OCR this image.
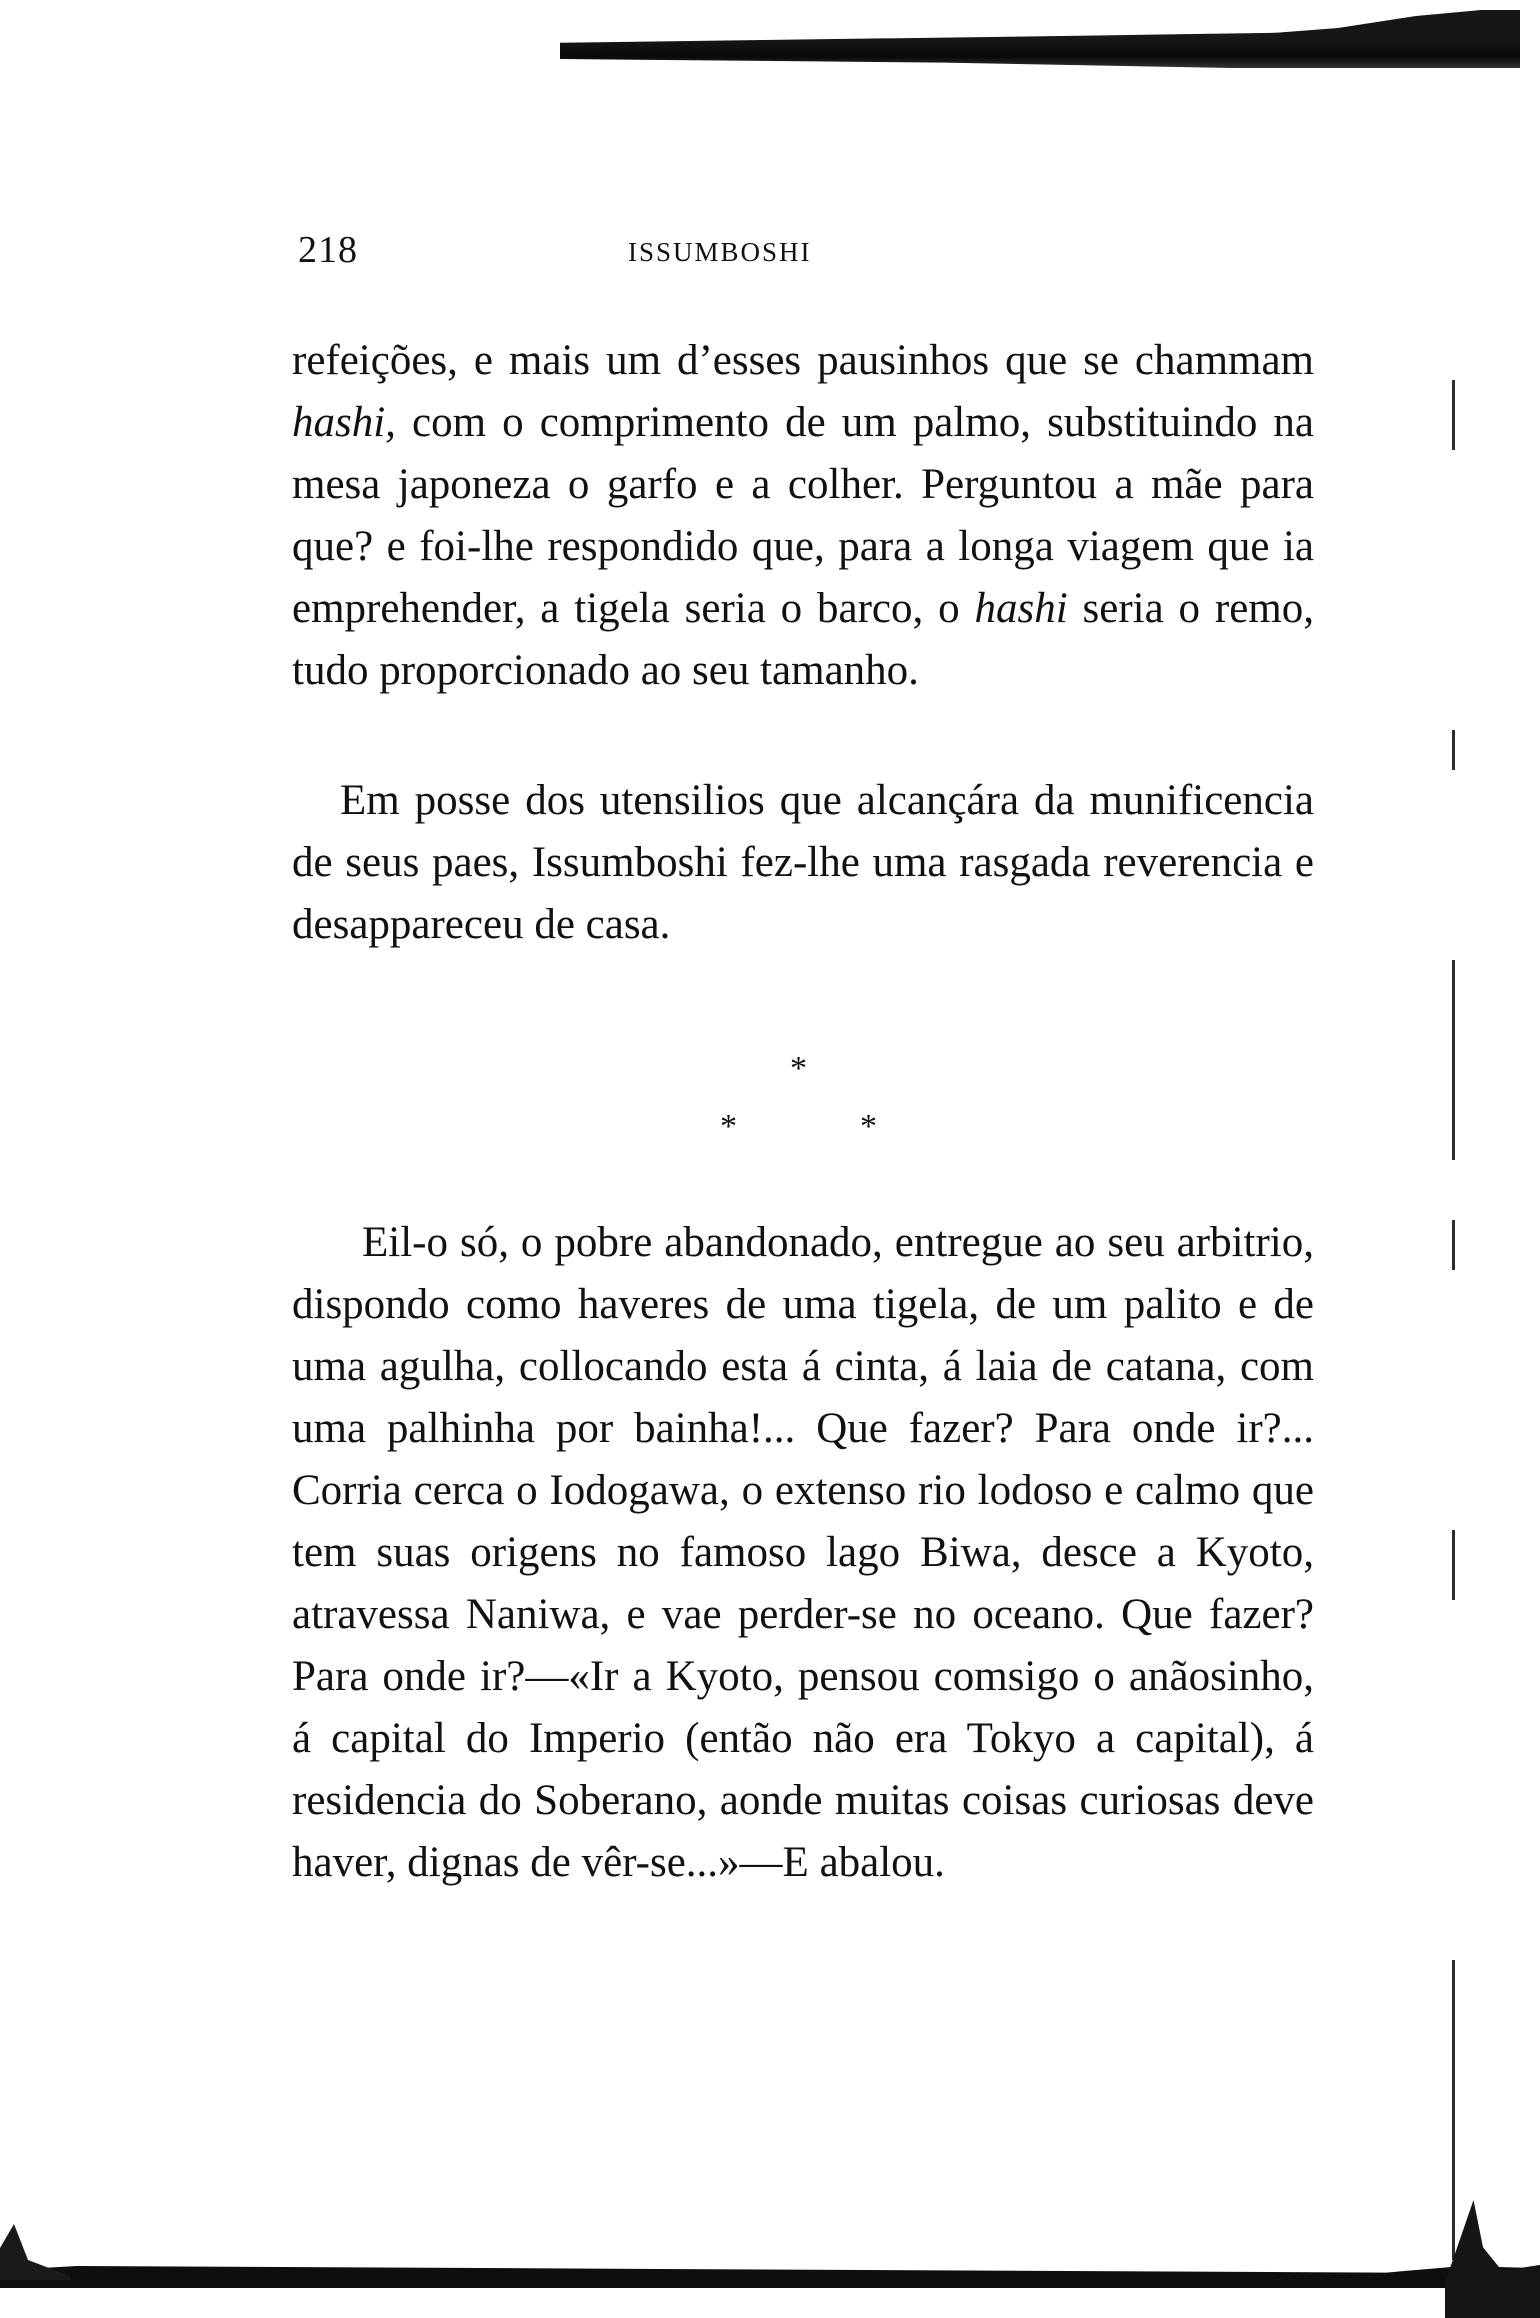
218	ISSUMBOSHI

refeições, e mais um d’esses pausinhos que se chammam hashi, com o comprimento de um palmo, substituindo na mesa japoneza o garfo e a colher. Perguntou a mãe para que? e foi-lhe respondido que, para a longa viagem que ia emprehender, a tigela seria o barco, o hashi seria o remo, tudo proporcionado ao seu tamanho.

Em posse dos utensilios que alcançára da munificencia de seus paes, Issumboshi fez-lhe uma rasgada reverencia e desappareceu de casa.

*
*	*

Eil-o só, o pobre abandonado, entregue ao seu arbitrio, dispondo como haveres de uma tigela, de um palito e de uma agulha, collocando esta á cinta, á laia de catana, com uma palhinha por bainha!... Que fazer? Para onde ir?... Corria cerca o Iodogawa, o extenso rio lodoso e calmo que tem suas origens no famoso lago Biwa, desce a Kyoto, atravessa Naniwa, e vae perder-se no oceano. Que fazer? Para onde ir?—«Ir a Kyoto, pensou comsigo o anãosinho, á capital do Imperio (então não era Tokyo a capital), á residencia do Soberano, aonde muitas coisas curiosas deve haver, dignas de vêr-se...»—E abalou.
